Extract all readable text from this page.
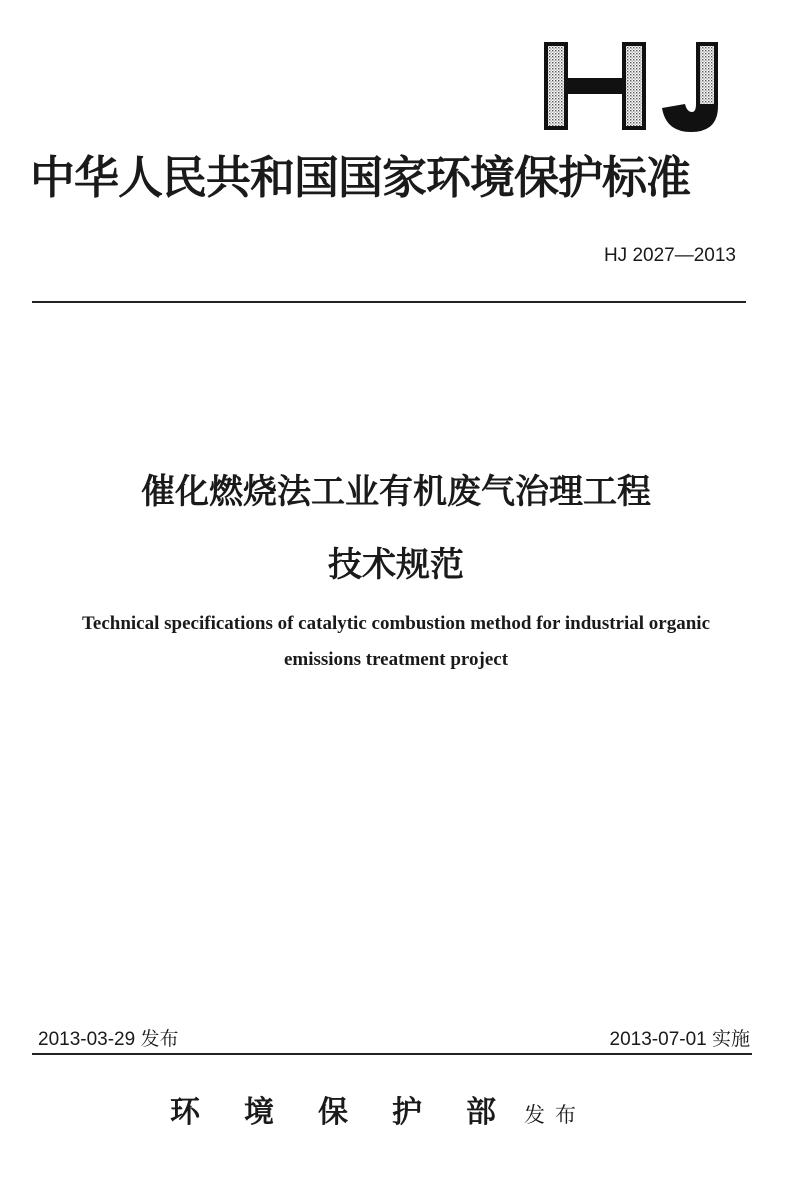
中华人民共和国国家环境保护标准
HJ 2027—2013
催化燃烧法工业有机废气治理工程
技术规范
Technical specifications of catalytic combustion method for industrial organic
emissions treatment project
2013-03-29 发布	2013-07-01 实施
环境保护部
发布
